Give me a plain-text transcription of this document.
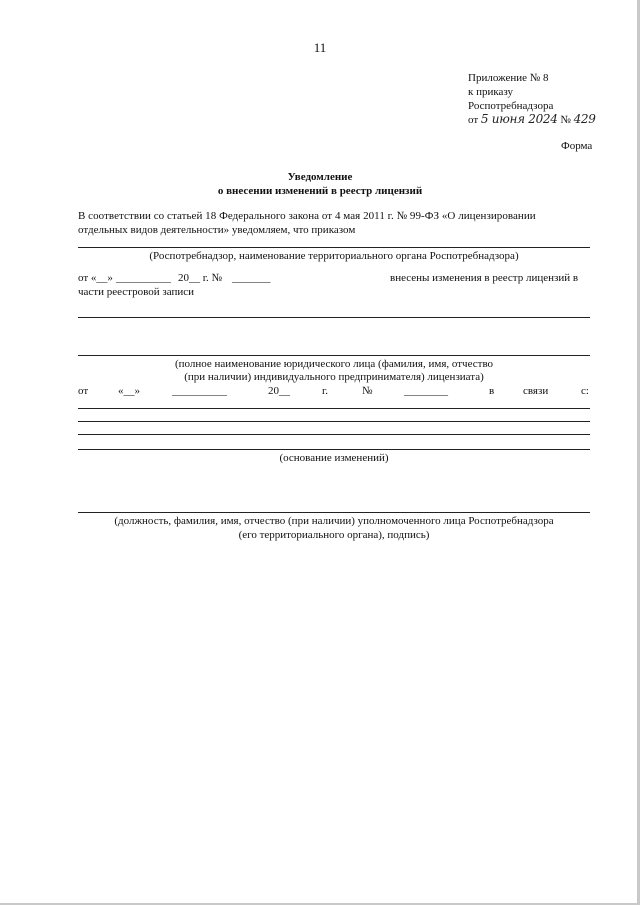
11
Приложение № 8
к приказу
Роспотребнадзора
от 5 июня 2024 № 429
Форма
Уведомление
о внесении изменений в реестр лицензий
В соответствии со статьей 18 Федерального закона от 4 мая 2011 г. № 99-ФЗ «О лицензировании
отдельных видов деятельности» уведомляем, что приказом
(Роспотребнадзор, наименование территориального органа Роспотребнадзора)
от «__» __________ 20__ г. № _______	внесены изменения в реестр лицензий в
части реестровой записи
(полное наименование юридического лица (фамилия, имя, отчество
(при наличии) индивидуального предпринимателя) лицензиата)
от	«__»	__________	20__	г.	№	________	в	связи	с:
(основание изменений)
(должность, фамилия, имя, отчество (при наличии) уполномоченного лица Роспотребнадзора
(его территориального органа), подпись)
